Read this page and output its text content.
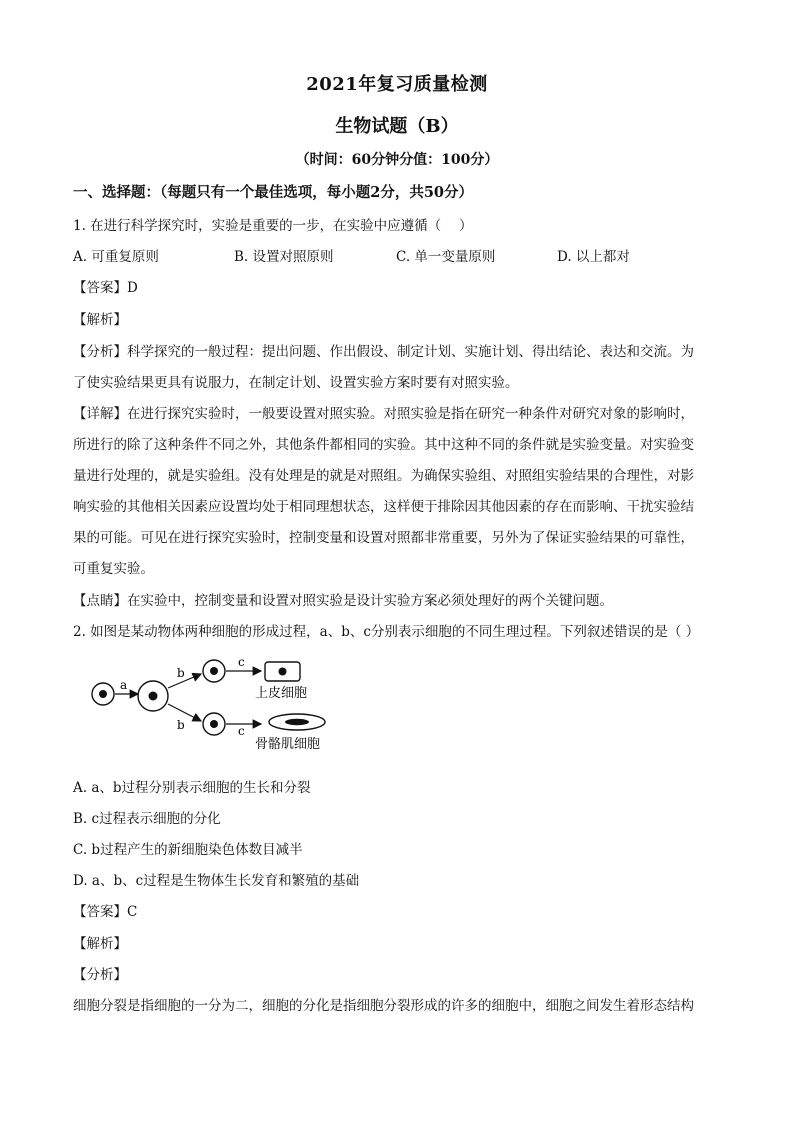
2021年复习质量检测
生物试题（B）
（时间：60分钟分值：100分）
一、选择题：（每题只有一个最佳选项，每小题2分，共50分）
1. 在进行科学探究时，实验是重要的一步，在实验中应遵循（　 ）
A. 可重复原则	B. 设置对照原则	C. 单一变量原则	D. 以上都对
【答案】D
【解析】
【分析】科学探究的一般过程：提出问题、作出假设、制定计划、实施计划、得出结论、表达和交流。为
了使实验结果更具有说服力，在制定计划、设置实验方案时要有对照实验。
【详解】在进行探究实验时，一般要设置对照实验。对照实验是指在研究一种条件对研究对象的影响时，
所进行的除了这种条件不同之外，其他条件都相同的实验。其中这种不同的条件就是实验变量。对实验变
量进行处理的，就是实验组。没有处理是的就是对照组。为确保实验组、对照组实验结果的合理性，对影
响实验的其他相关因素应设置均处于相同理想状态，这样便于排除因其他因素的存在而影响、干扰实验结
果的可能。可见在进行探究实验时，控制变量和设置对照都非常重要，另外为了保证实验结果的可靠性，
可重复实验。
【点睛】在实验中，控制变量和设置对照实验是设计实验方案必须处理好的两个关键问题。
2. 如图是某动物体两种细胞的形成过程，a、b、c分别表示细胞的不同生理过程。下列叙述错误的是（ ）
a
b
b
c
c
上皮细胞
骨骼肌细胞
A. a、b过程分别表示细胞的生长和分裂
B. c过程表示细胞的分化
C. b过程产生的新细胞染色体数目减半
D. a、b、c过程是生物体生长发育和繁殖的基础
【答案】C
【解析】
【分析】
细胞分裂是指细胞的一分为二，细胞的分化是指细胞分裂形成的许多的细胞中，细胞之间发生着形态结构
